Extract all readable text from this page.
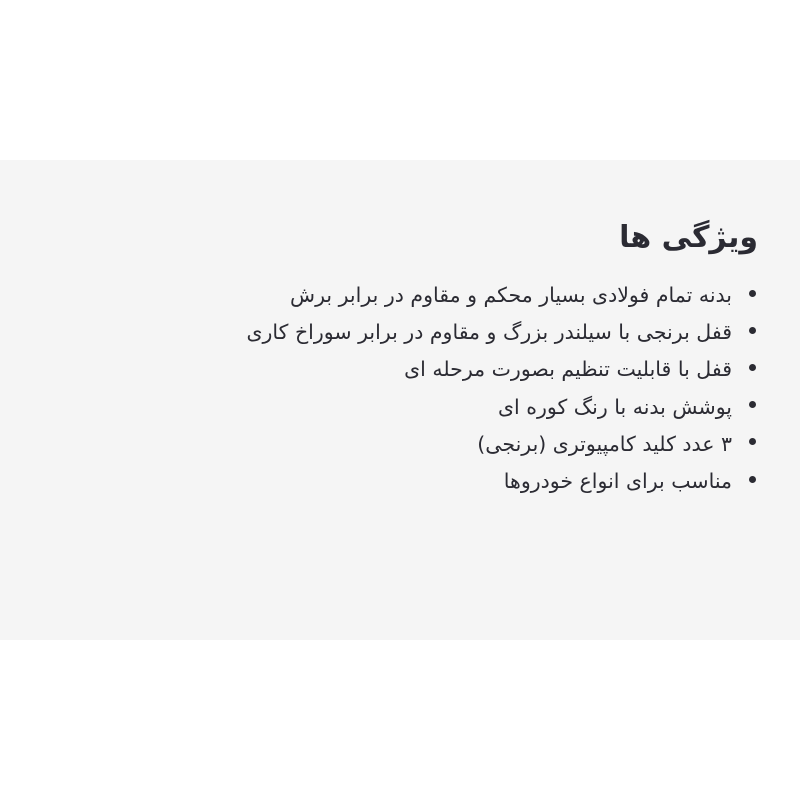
ویژگی ها
بدنه تمام فولادی بسیار محکم و مقاوم در برابر برش
قفل برنجی با سیلندر بزرگ و مقاوم در برابر سوراخ کاری
قفل با قابلیت تنظیم بصورت مرحله ای
پوشش بدنه با رنگ کوره ای
۳ عدد کلید کامپیوتری (برنجی)
مناسب برای انواع خودروها
